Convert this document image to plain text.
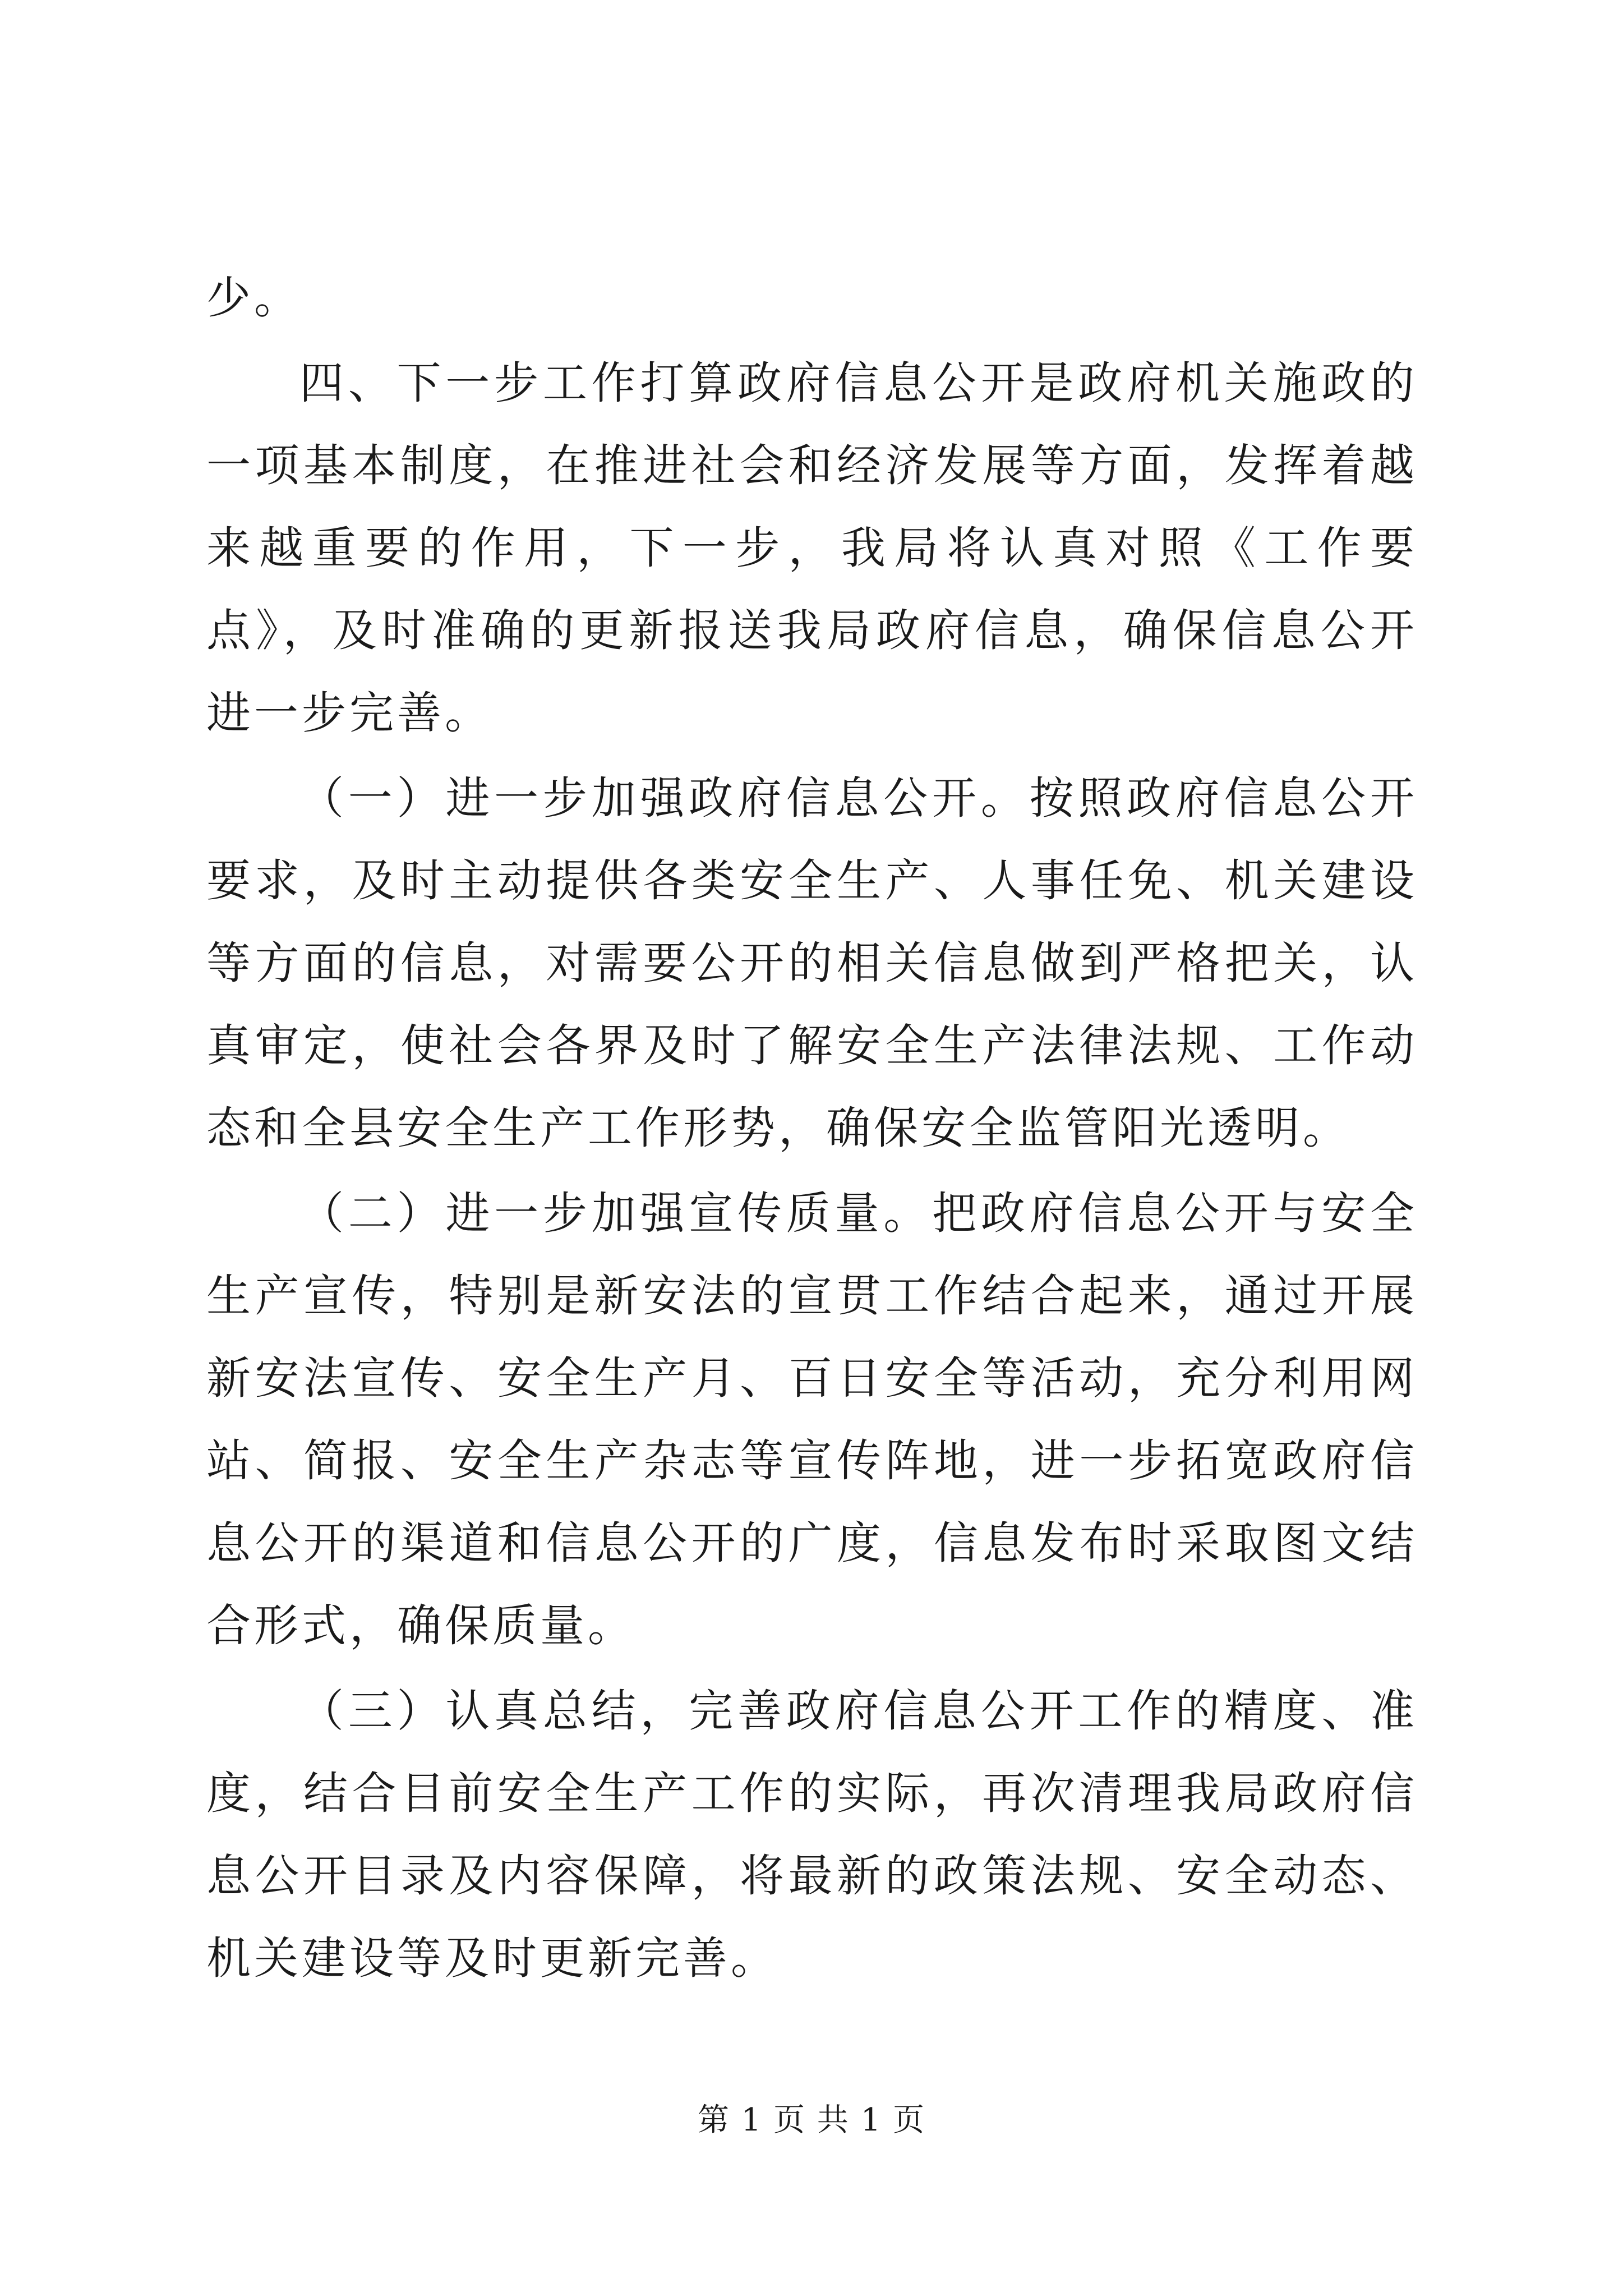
少。

四、下一步工作打算政府信息公开是政府机关施政的一项基本制度，在推进社会和经济发展等方面，发挥着越来越重要的作用，下一步，我局将认真对照《工作要点》，及时准确的更新报送我局政府信息，确保信息公开进一步完善。

（一）进一步加强政府信息公开。按照政府信息公开要求，及时主动提供各类安全生产、人事任免、机关建设等方面的信息，对需要公开的相关信息做到严格把关，认真审定，使社会各界及时了解安全生产法律法规、工作动态和全县安全生产工作形势，确保安全监管阳光透明。

（二）进一步加强宣传质量。把政府信息公开与安全生产宣传，特别是新安法的宣贯工作结合起来，通过开展新安法宣传、安全生产月、百日安全等活动，充分利用网站、简报、安全生产杂志等宣传阵地，进一步拓宽政府信息公开的渠道和信息公开的广度，信息发布时采取图文结合形式，确保质量。

（三）认真总结，完善政府信息公开工作的精度、准度，结合目前安全生产工作的实际，再次清理我局政府信息公开目录及内容保障，将最新的政策法规、安全动态、机关建设等及时更新完善。

第 1 页 共 1 页
